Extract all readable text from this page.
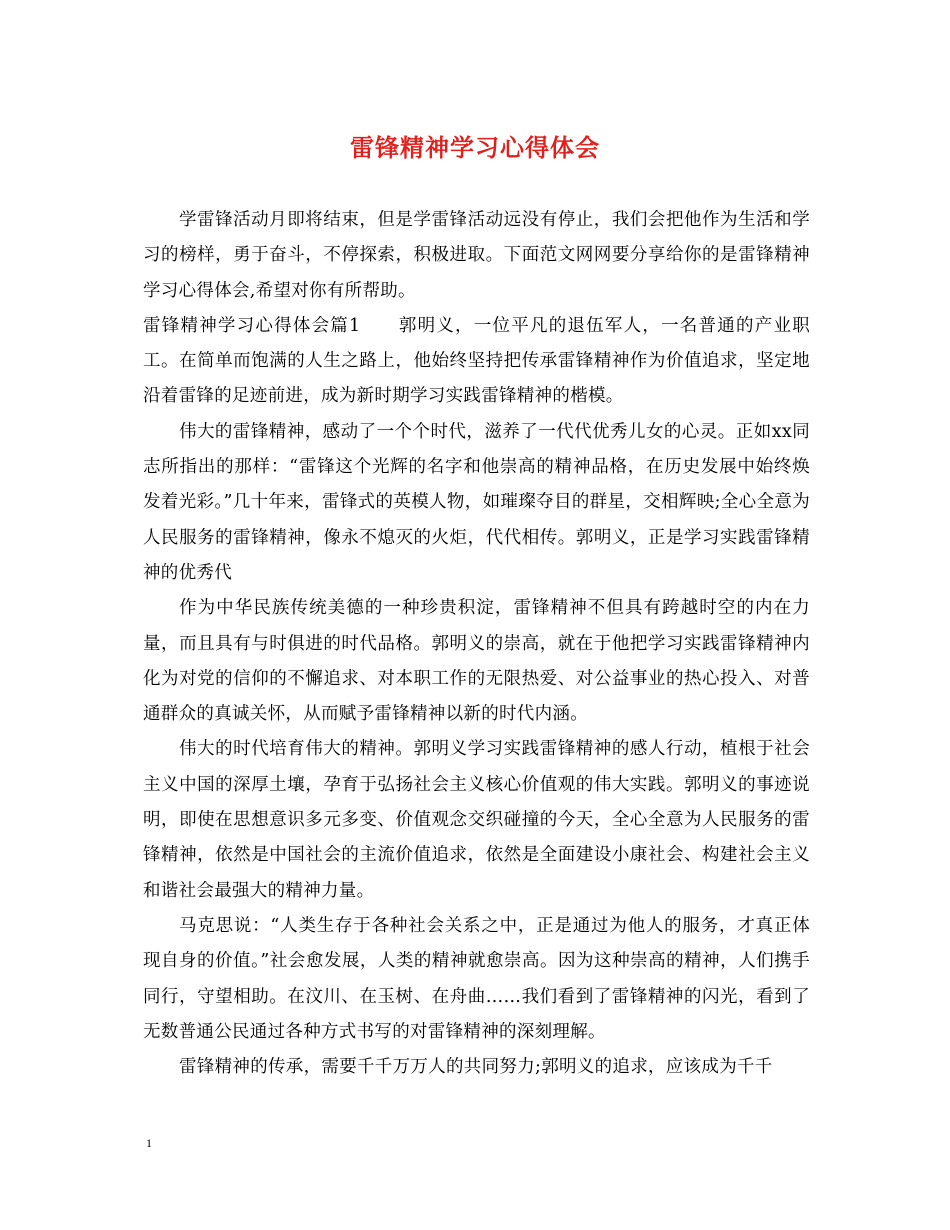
雷锋精神学习心得体会

学雷锋活动月即将结束，但是学雷锋活动远没有停止，我们会把他作为生活和学习的榜样，勇于奋斗，不停探索，积极进取。下面范文网网要分享给你的是雷锋精神学习心得体会,希望对你有所帮助。

雷锋精神学习心得体会篇1　　郭明义，一位平凡的退伍军人，一名普通的产业职工。在简单而饱满的人生之路上，他始终坚持把传承雷锋精神作为价值追求，坚定地沿着雷锋的足迹前进，成为新时期学习实践雷锋精神的楷模。

伟大的雷锋精神，感动了一个个时代，滋养了一代代优秀儿女的心灵。正如xx同志所指出的那样：“雷锋这个光辉的名字和他崇高的精神品格，在历史发展中始终焕发着光彩。”几十年来，雷锋式的英模人物，如璀璨夺目的群星，交相辉映;全心全意为人民服务的雷锋精神，像永不熄灭的火炬，代代相传。郭明义，正是学习实践雷锋精神的优秀代

作为中华民族传统美德的一种珍贵积淀，雷锋精神不但具有跨越时空的内在力量，而且具有与时俱进的时代品格。郭明义的崇高，就在于他把学习实践雷锋精神内化为对党的信仰的不懈追求、对本职工作的无限热爱、对公益事业的热心投入、对普通群众的真诚关怀，从而赋予雷锋精神以新的时代内涵。

伟大的时代培育伟大的精神。郭明义学习实践雷锋精神的感人行动，植根于社会主义中国的深厚土壤，孕育于弘扬社会主义核心价值观的伟大实践。郭明义的事迹说明，即使在思想意识多元多变、价值观念交织碰撞的今天，全心全意为人民服务的雷锋精神，依然是中国社会的主流价值追求，依然是全面建设小康社会、构建社会主义和谐社会最强大的精神力量。

马克思说：“人类生存于各种社会关系之中，正是通过为他人的服务，才真正体现自身的价值。”社会愈发展，人类的精神就愈崇高。因为这种崇高的精神，人们携手同行，守望相助。在汶川、在玉树、在舟曲……我们看到了雷锋精神的闪光，看到了无数普通公民通过各种方式书写的对雷锋精神的深刻理解。

雷锋精神的传承，需要千千万万人的共同努力;郭明义的追求，应该成为千千

1
